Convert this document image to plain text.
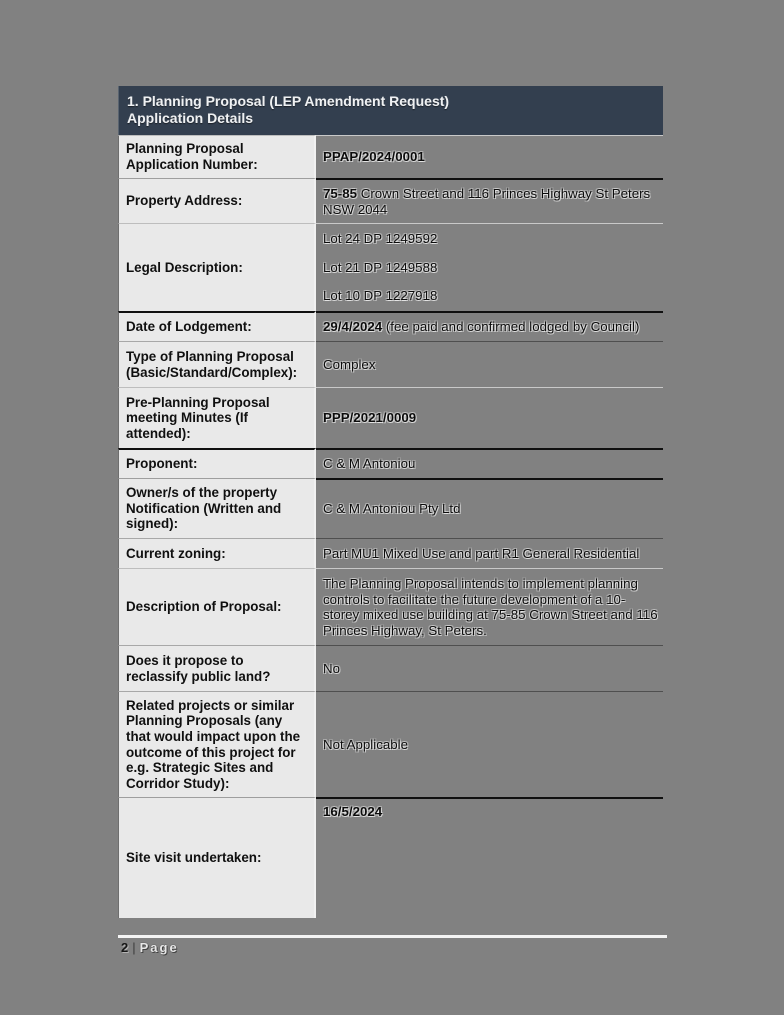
1. Planning Proposal (LEP Amendment Request)
Application Details
Planning Proposal Application Number:
PPAP/2024/0001
Property Address:	75-85 Crown Street and 116 Princes Highway St Peters NSW 2044
Legal Description:
Lot 24 DP 1249592
Lot 21 DP 1249588
Lot 10 DP 1227918
Date of Lodgement:	29/4/2024 (fee paid and confirmed lodged by Council)
Type of Planning Proposal (Basic/Standard/Complex):
Complex
Pre-Planning Proposal meeting Minutes (If attended):
PPP/2021/0009
Proponent:	C & M Antoniou
Owner/s of the property Notification (Written and signed):
C & M Antoniou Pty Ltd
Current zoning:	Part MU1 Mixed Use and part R1 General Residential
Description of Proposal:
The Planning Proposal intends to implement planning controls to facilitate the future development of a 10-storey mixed use building at 75-85 Crown Street and 116 Princes Highway, St Peters.
Does it propose to reclassify public land?
No
Related projects or similar Planning Proposals (any that would impact upon the outcome of this project for e.g. Strategic Sites and Corridor Study):
Not Applicable
Site visit undertaken:
16/5/2024
2 | Page
